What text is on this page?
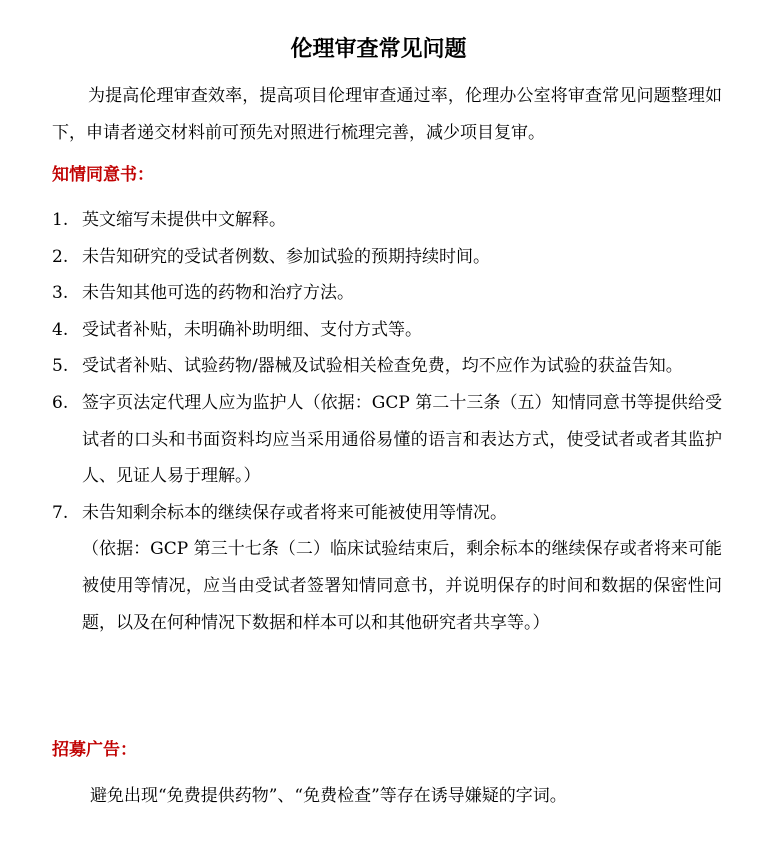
伦理审查常见问题

为提高伦理审查效率，提高项目伦理审查通过率，伦理办公室将审查常见问题整理如下，申请者递交材料前可预先对照进行梳理完善，减少项目复审。

知情同意书：
1. 英文缩写未提供中文解释。
2. 未告知研究的受试者例数、参加试验的预期持续时间。
3. 未告知其他可选的药物和治疗方法。
4. 受试者补贴，未明确补助明细、支付方式等。
5. 受试者补贴、试验药物/器械及试验相关检查免费，均不应作为试验的获益告知。
6. 签字页法定代理人应为监护人（依据：GCP 第二十三条（五）知情同意书等提供给受试者的口头和书面资料均应当采用通俗易懂的语言和表达方式，使受试者或者其监护人、见证人易于理解。）
7. 未告知剩余标本的继续保存或者将来可能被使用等情况。
（依据：GCP 第三十七条（二）临床试验结束后，剩余标本的继续保存或者将来可能被使用等情况，应当由受试者签署知情同意书，并说明保存的时间和数据的保密性问题，以及在何种情况下数据和样本可以和其他研究者共享等。）
招募广告：
避免出现“免费提供药物”、“免费检查”等存在诱导嫌疑的字词。
